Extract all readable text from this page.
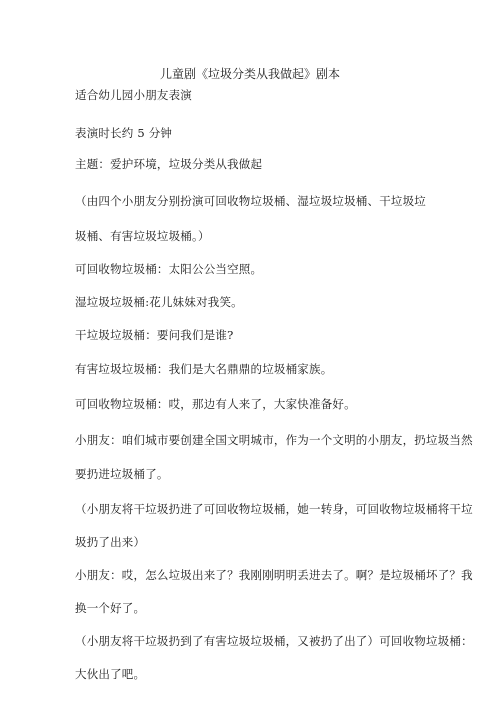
儿童剧《垃圾分类从我做起》剧本
适合幼儿园小朋友表演
表演时长约 5 分钟
主题：爱护环境，垃圾分类从我做起
（由四个小朋友分别扮演可回收物垃圾桶、湿垃圾垃圾桶、干垃圾垃
圾桶、有害垃圾垃圾桶。）
可回收物垃圾桶：太阳公公当空照。
湿垃圾垃圾桶:花儿妹妹对我笑。
干垃圾垃圾桶：要问我们是谁?
有害垃圾垃圾桶：我们是大名鼎鼎的垃圾桶家族。
可回收物垃圾桶：哎，那边有人来了，大家快准备好。
小朋友：咱们城市要创建全国文明城市，作为一个文明的小朋友，扔垃圾当然
要扔进垃圾桶了。
（小朋友将干垃圾扔进了可回收物垃圾桶，她一转身，可回收物垃圾桶将干垃
圾扔了出来）
小朋友：哎，怎么垃圾出来了？我刚刚明明丢进去了。啊？是垃圾桶坏了？我
换一个好了。
（小朋友将干垃圾扔到了有害垃圾垃圾桶，又被扔了出了）可回收物垃圾桶：
大伙出了吧。
